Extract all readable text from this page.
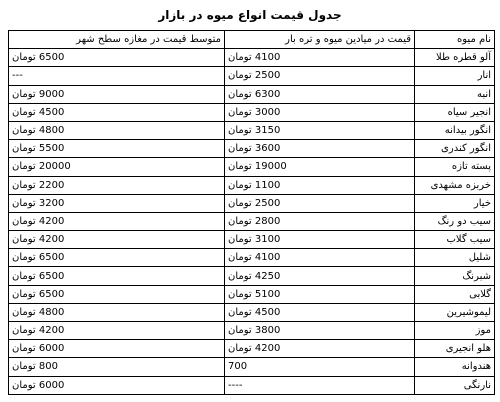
جدول قیمت انواع میوه در بازار
نام میوه	قیمت در میادین میوه و تره بار	متوسط قیمت در مغازه سطح شهر
آلو قطره طلا	4100 تومان	6500 تومان
انار	2500 تومان	---
انبه	6300 تومان	9000 تومان
انجیر سیاه	3000 تومان	4500 تومان
انگور بیدانه	3150 تومان	4800 تومان
انگور کندری	3600 تومان	5500 تومان
پسته تازه	19000 تومان	20000 تومان
خربزه مشهدی	1100 تومان	2200 تومان
خیار	2500 تومان	3200 تومان
سیب دو رنگ	2800 تومان	4200 تومان
سیب گلاب	3100 تومان	4200 تومان
شلیل	4100 تومان	6500 تومان
شبرنگ	4250 تومان	6500 تومان
گلابی	5100 تومان	6500 تومان
لیموشیرین	4500 تومان	4800 تومان
موز	3800 تومان	4200 تومان
هلو انجیری	4200 تومان	6000 تومان
هندوانه	700	800 تومان
نارنگی	----	6000 تومان
